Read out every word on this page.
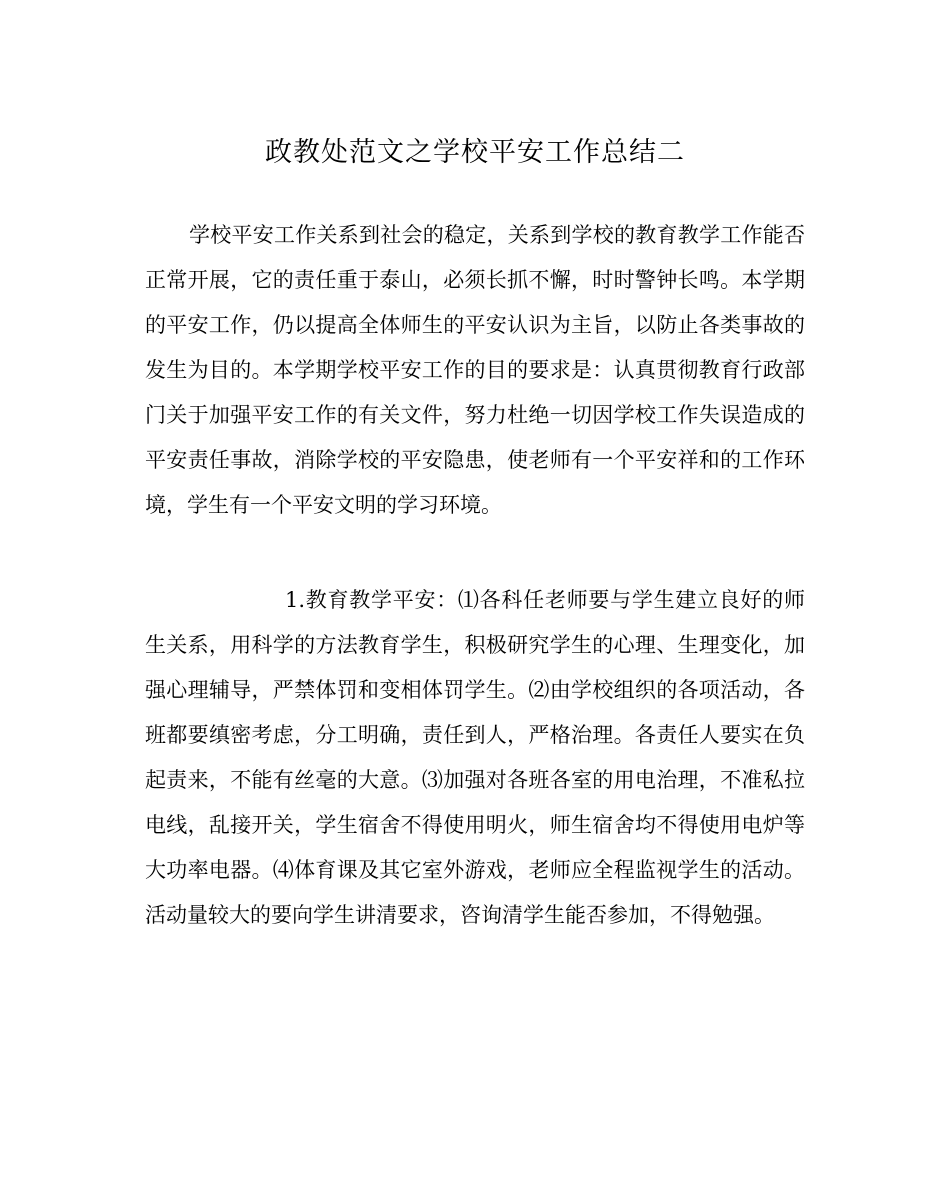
政教处范文之学校平安工作总结二

学校平安工作关系到社会的稳定，关系到学校的教育教学工作能否正常开展，它的责任重于泰山，必须长抓不懈，时时警钟长鸣。本学期的平安工作，仍以提高全体师生的平安认识为主旨，以防止各类事故的发生为目的。本学期学校平安工作的目的要求是：认真贯彻教育行政部门关于加强平安工作的有关文件，努力杜绝一切因学校工作失误造成的平安责任事故，消除学校的平安隐患，使老师有一个平安祥和的工作环境，学生有一个平安文明的学习环境。

1.教育教学平安：⑴各科任老师要与学生建立良好的师生关系，用科学的方法教育学生，积极研究学生的心理、生理变化，加强心理辅导，严禁体罚和变相体罚学生。⑵由学校组织的各项活动，各班都要缜密考虑，分工明确，责任到人，严格治理。各责任人要实在负起责来，不能有丝毫的大意。⑶加强对各班各室的用电治理，不准私拉电线，乱接开关，学生宿舍不得使用明火，师生宿舍均不得使用电炉等大功率电器。⑷体育课及其它室外游戏，老师应全程监视学生的活动。活动量较大的要向学生讲清要求，咨询清学生能否参加，不得勉强。
